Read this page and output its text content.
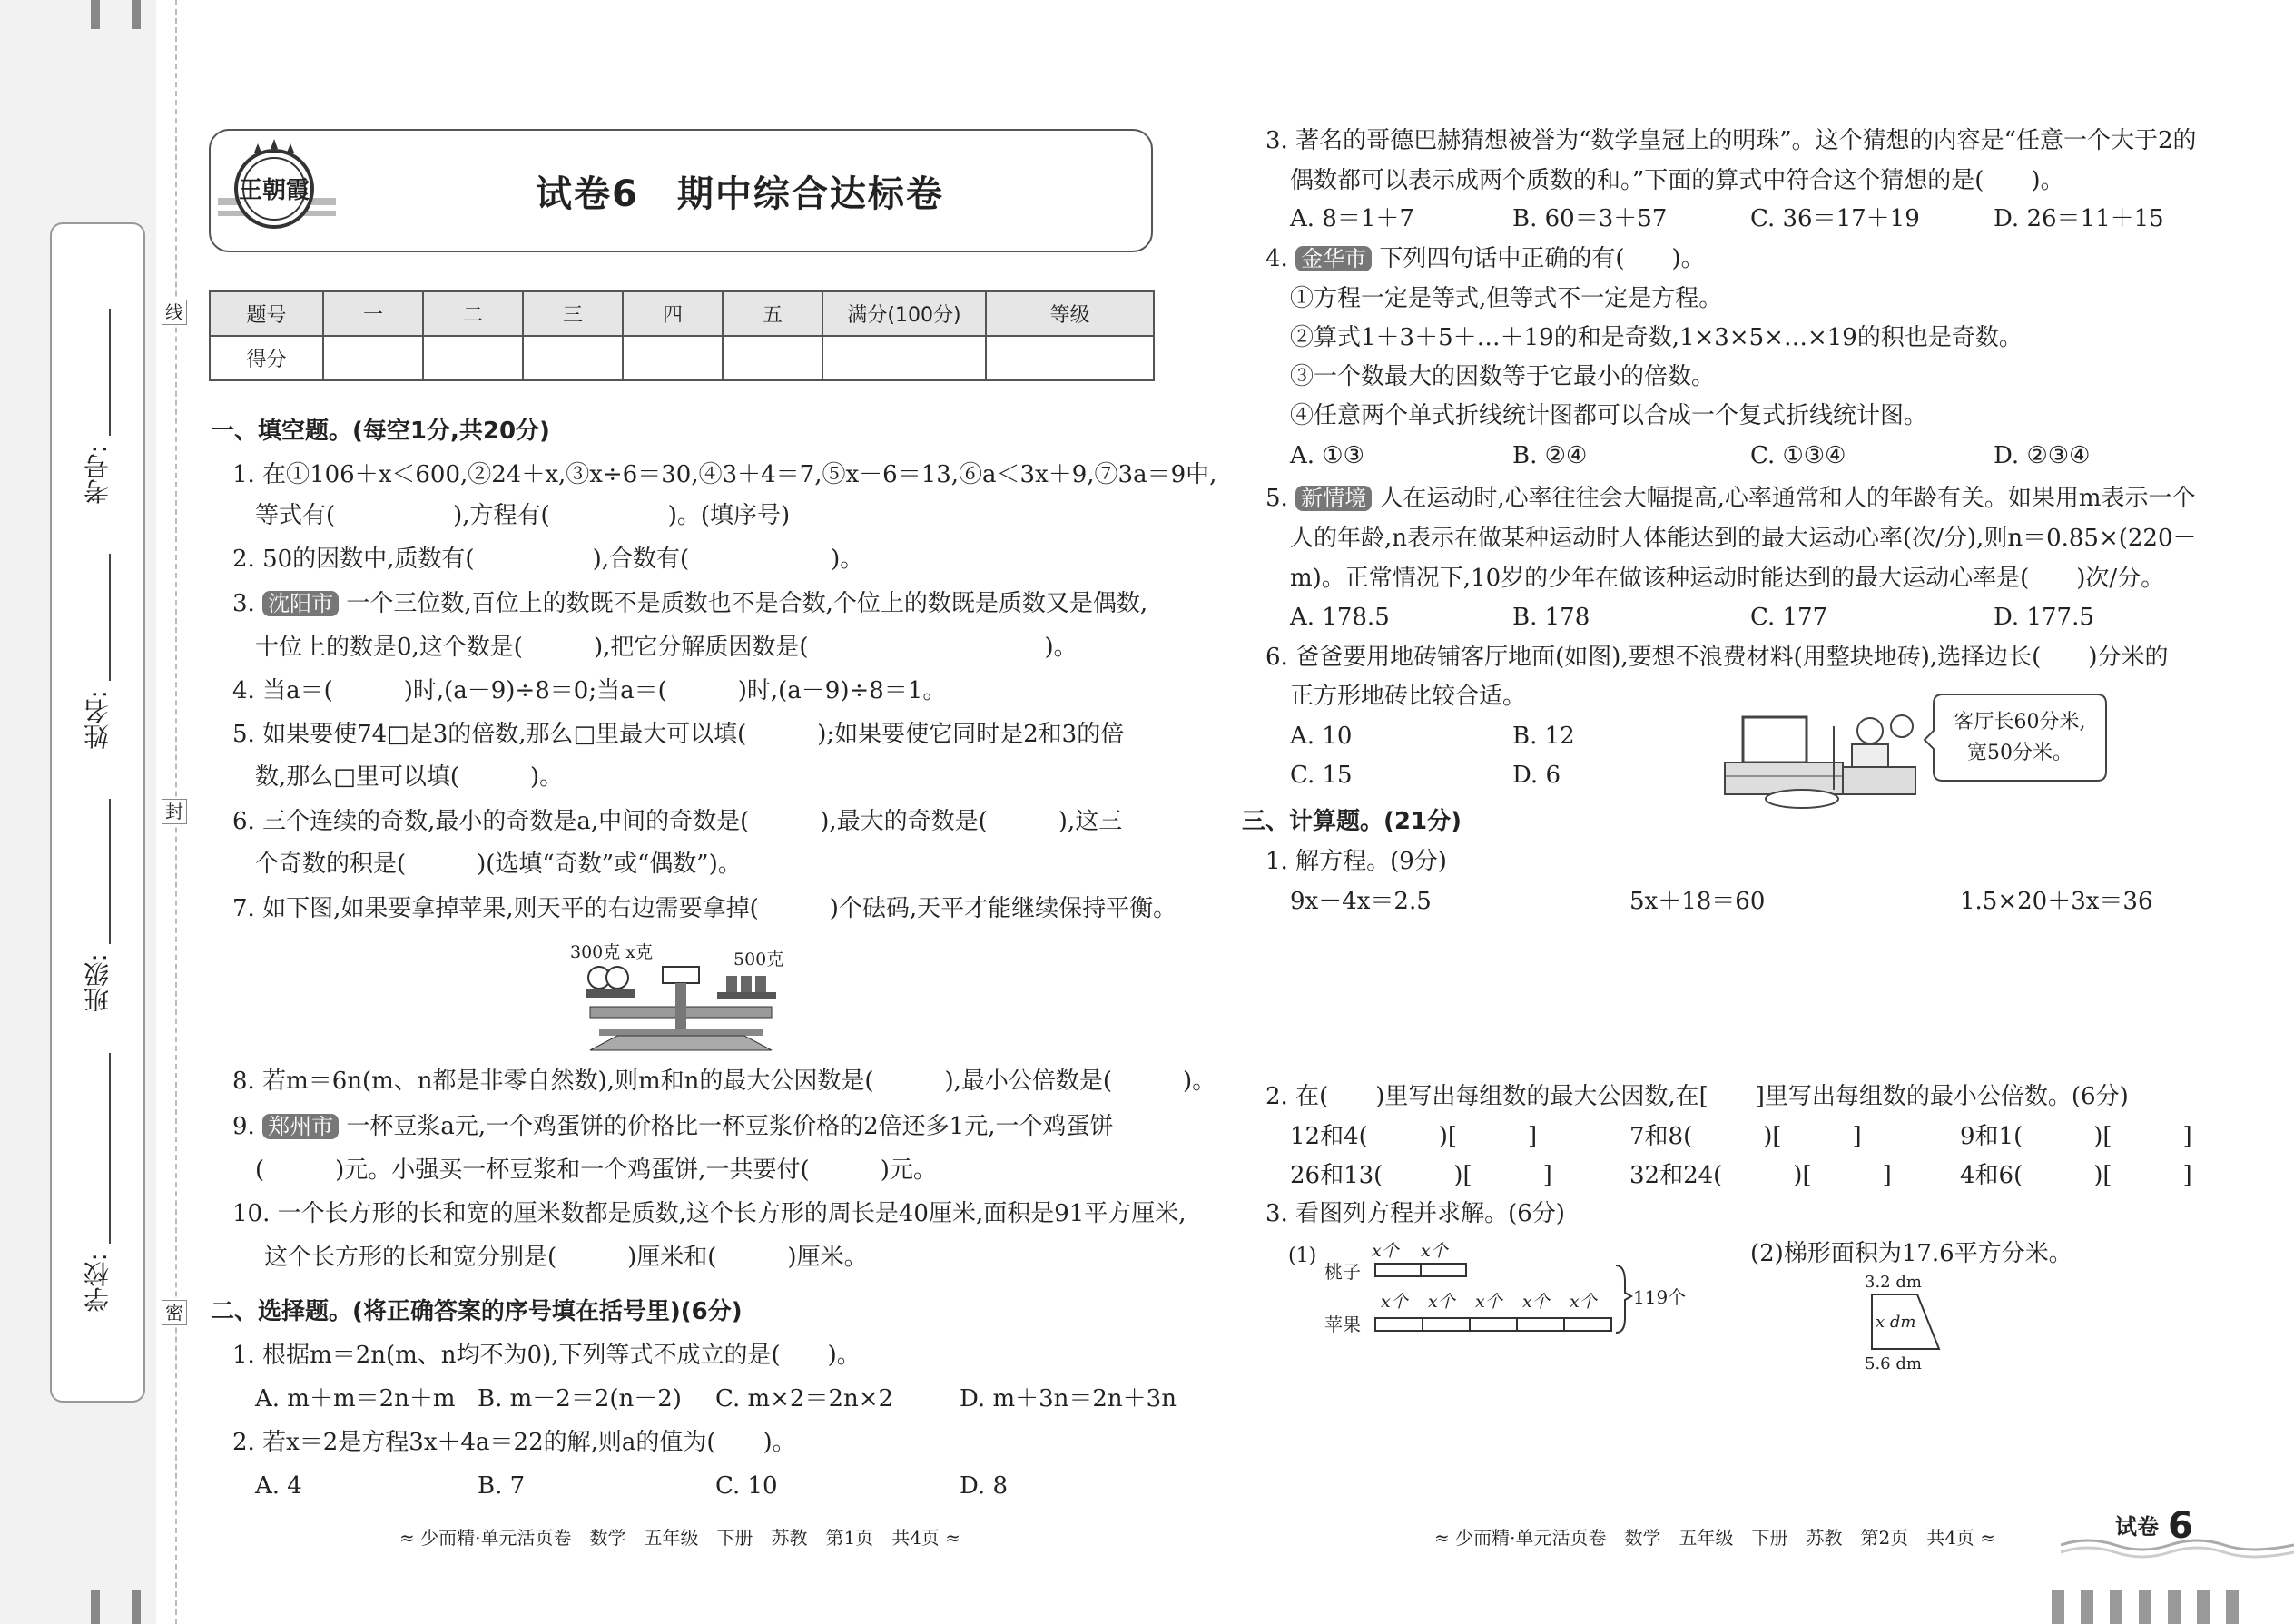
考号:
姓名:
班级:
学校:
线
封
密
王朝霞	试卷6　期中综合达标卷
题号	一	二	三	四	五	满分(100分)	等级
得分							
一、填空题。(每空1分,共20分)
1. 在①106＋x＜600,②24＋x,③x÷6＝30,④3＋4＝7,⑤x－6＝13,⑥a＜3x＋9,⑦3a＝9中,
等式有(　　　　　),方程有(　　　　　)。(填序号)
2. 50的因数中,质数有(　　　　　),合数有(　　　　　　)。
3. 沈阳市 一个三位数,百位上的数既不是质数也不是合数,个位上的数既是质数又是偶数,
十位上的数是0,这个数是(　　　),把它分解质因数是(　　　　　　　　　　)。
4. 当a＝(　　　)时,(a－9)÷8＝0;当a＝(　　　)时,(a－9)÷8＝1。
5. 如果要使74□是3的倍数,那么□里最大可以填(　　　);如果要使它同时是2和3的倍
数,那么□里可以填(　　　)。
6. 三个连续的奇数,最小的奇数是a,中间的奇数是(　　　),最大的奇数是(　　　),这三
个奇数的积是(　　　)(选填“奇数”或“偶数”)。
7. 如下图,如果要拿掉苹果,则天平的右边需要拿掉(　　　)个砝码,天平才能继续保持平衡。
300克 x克	500克
8. 若m＝6n(m、n都是非零自然数),则m和n的最大公因数是(　　　),最小公倍数是(　　　)。
9. 郑州市 一杯豆浆a元,一个鸡蛋饼的价格比一杯豆浆价格的2倍还多1元,一个鸡蛋饼
(　　　)元。小强买一杯豆浆和一个鸡蛋饼,一共要付(　　　)元。
10. 一个长方形的长和宽的厘米数都是质数,这个长方形的周长是40厘米,面积是91平方厘米,
这个长方形的长和宽分别是(　　　)厘米和(　　　)厘米。
二、选择题。(将正确答案的序号填在括号里)(6分)
1. 根据m＝2n(m、n均不为0),下列等式不成立的是(　　)。
A. m＋m＝2n＋m B. m－2＝2(n－2) C. m×2＝2n×2	D. m＋3n＝2n＋3n
2. 若x＝2是方程3x＋4a＝22的解,则a的值为(　　)。
A. 4	B. 7	C. 10	D. 8
≈ 少而精·单元活页卷　数学　五年级　下册　苏教　第1页　共4页 ≈
3. 著名的哥德巴赫猜想被誉为“数学皇冠上的明珠”。这个猜想的内容是“任意一个大于2的
偶数都可以表示成两个质数的和。”下面的算式中符合这个猜想的是(　　)。
A. 8＝1＋7	B. 60＝3＋57	C. 36＝17＋19	D. 26＝11＋15
4. 金华市 下列四句话中正确的有(　　)。
①方程一定是等式,但等式不一定是方程。
②算式1＋3＋5＋…＋19的和是奇数,1×3×5×…×19的积也是奇数。
③一个数最大的因数等于它最小的倍数。
④任意两个单式折线统计图都可以合成一个复式折线统计图。
A. ①③	B. ②④	C. ①③④	D. ②③④
5. 新情境 人在运动时,心率往往会大幅提高,心率通常和人的年龄有关。如果用m表示一个
人的年龄,n表示在做某种运动时人体能达到的最大运动心率(次/分),则n＝0.85×(220－
m)。正常情况下,10岁的少年在做该种运动时能达到的最大运动心率是(　　)次/分。
A. 178.5	B. 178	C. 177	D. 177.5
6. 爸爸要用地砖铺客厅地面(如图),要想不浪费材料(用整块地砖),选择边长(　　)分米的
正方形地砖比较合适。
A. 10	B. 12
C. 15	D. 6
客厅长60分米,
宽50分米。
三、计算题。(21分)
1. 解方程。(9分)
9x－4x＝2.5	5x＋18＝60	1.5×20＋3x＝36
2. 在(　　)里写出每组数的最大公因数,在[　　]里写出每组数的最小公倍数。(6分)
12和4(　　　)[　　　]	7和8(　　　)[　　　]	9和1(　　　)[　　　]
26和13(　　　)[　　　]	32和24(　　　)[　　　]	4和6(　　　)[　　　]
3. 看图列方程并求解。(6分)
(1)	x个 x个
桃子
x个 x个 x个 x个 x个
苹果
119个
(2)梯形面积为17.6平方分米。
3.2 dm
x dm
5.6 dm
≈ 少而精·单元活页卷　数学　五年级　下册　苏教　第2页　共4页 ≈	试卷 6
